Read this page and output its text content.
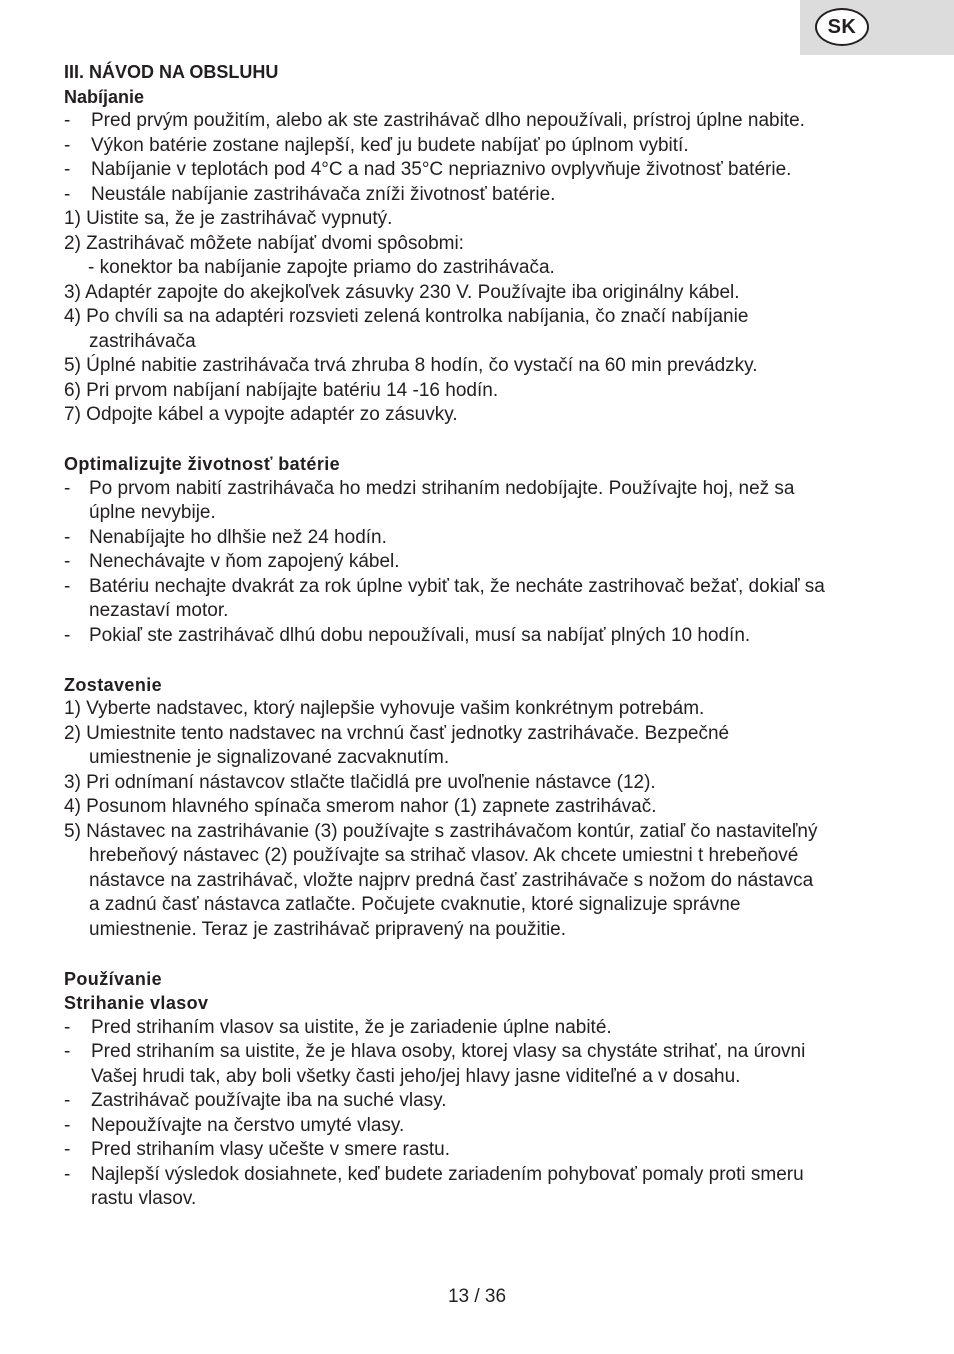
SK
III. NÁVOD NA OBSLUHU
Nabíjanie
-	Pred prvým použitím, alebo ak ste zastrihávač dlho nepoužívali, prístroj úplne nabite.
-	Výkon batérie zostane najlepší, keď ju budete nabíjať po úplnom vybití.
-	Nabíjanie v teplotách pod 4°C a nad 35°C nepriaznivo ovplyvňuje životnosť batérie.
-	Neustále nabíjanie zastrihávača zníži životnosť batérie.
1) Uistite sa, že je zastrihávač vypnutý.
2) Zastrihávač môžete nabíjať dvomi spôsobmi:
- konektor ba nabíjanie zapojte priamo do zastrihávača.
3) Adaptér zapojte do akejkoľvek zásuvky 230 V. Používajte iba originálny kábel.
4) Po chvíli sa na adaptéri rozsvieti zelená kontrolka nabíjania, čo značí nabíjanie
zastrihávača
5) Úplné nabitie zastrihávača trvá zhruba 8 hodín, čo vystačí na 60 min prevádzky.
6) Pri prvom nabíjaní nabíjajte batériu 14 -16 hodín.
7) Odpojte kábel a vypojte adaptér zo zásuvky.
Optimalizujte životnosť batérie
- Po prvom nabití zastrihávača ho medzi strihaním nedobíjajte. Používajte hoj, než sa
úplne nevybije.
- Nenabíjajte ho dlhšie než 24 hodín.
- Nenechávajte v ňom zapojený kábel.
- Batériu nechajte dvakrát za rok úplne vybiť tak, že necháte zastrihovač bežať, dokiaľ sa
nezastaví motor.
- Pokiaľ ste zastrihávač dlhú dobu nepoužívali, musí sa nabíjať plných 10 hodín.
Zostavenie
1) Vyberte nadstavec, ktorý najlepšie vyhovuje vašim konkrétnym potrebám.
2) Umiestnite tento nadstavec na vrchnú časť jednotky zastrihávače. Bezpečné
umiestnenie je signalizované zacvaknutím.
3) Pri odnímaní nástavcov stlačte tlačidlá pre uvoľnenie nástavce (12).
4) Posunom hlavného spínača smerom nahor (1) zapnete zastrihávač.
5) Nástavec na zastrihávanie (3) používajte s zastrihávačom kontúr, zatiaľ čo nastaviteľný
hrebeňový nástavec (2) používajte sa strihač vlasov. Ak chcete umiestni t hrebeňové
nástavce na zastrihávač, vložte najprv predná časť zastrihávače s nožom do nástavca
a zadnú časť nástavca zatlačte. Počujete cvaknutie, ktoré signalizuje správne
umiestnenie. Teraz je zastrihávač pripravený na použitie.
Používanie
Strihanie vlasov
-	Pred strihaním vlasov sa uistite, že je zariadenie úplne nabité.
-	Pred strihaním sa uistite, že je hlava osoby, ktorej vlasy sa chystáte strihať, na úrovni
Vašej hrudi tak, aby boli všetky časti jeho/jej hlavy jasne viditeľné a v dosahu.
-	Zastrihávač používajte iba na suché vlasy.
-	Nepoužívajte na čerstvo umyté vlasy.
-	Pred strihaním vlasy učešte v smere rastu.
-	Najlepší výsledok dosiahnete, keď budete zariadením pohybovať pomaly proti smeru
rastu vlasov.
13 / 36
